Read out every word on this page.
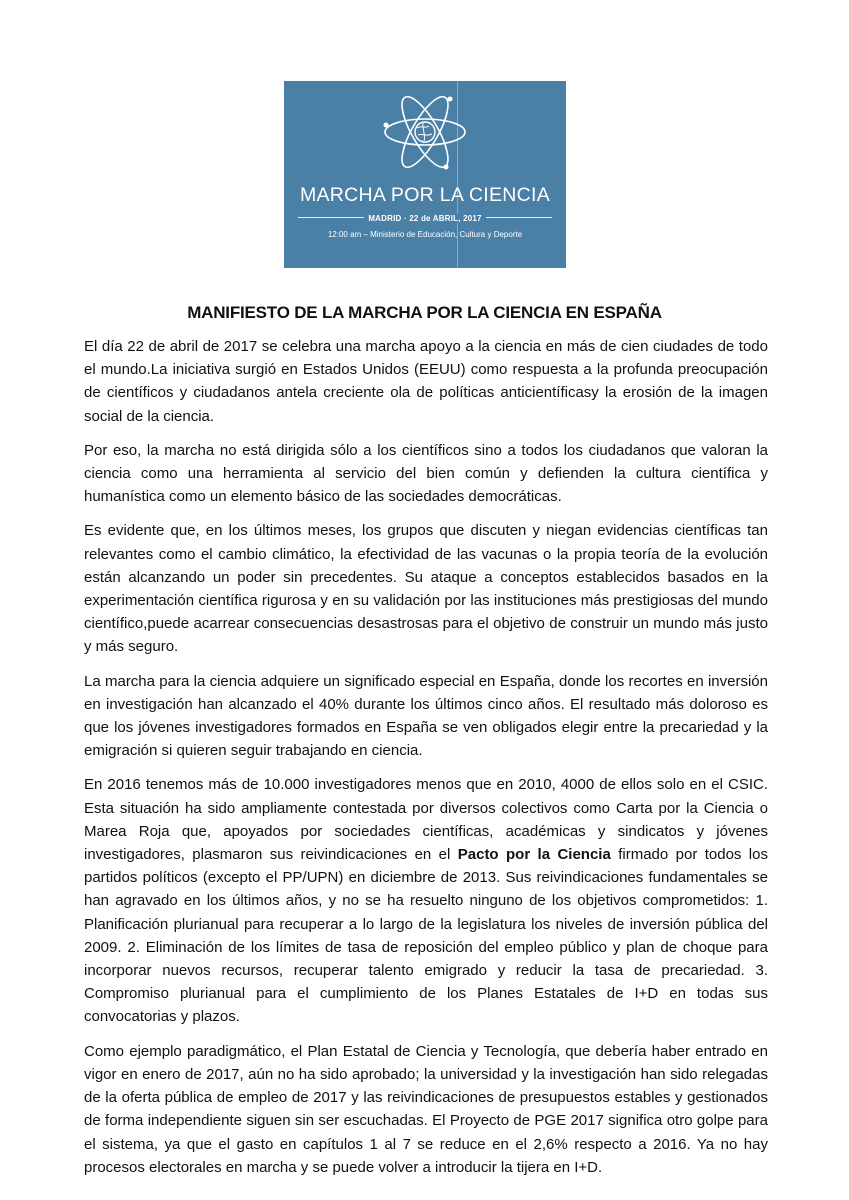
MARCHA POR LA CIENCIA
MADRID · 22 de ABRIL, 2017
12:00 am – Ministerio de Educación, Cultura y Deporte
MANIFIESTO DE LA MARCHA POR LA CIENCIA EN ESPAÑA

El día 22 de abril de 2017 se celebra una marcha apoyo a la ciencia en más de cien ciudades de todo el mundo.La iniciativa surgió en Estados Unidos (EEUU) como respuesta a la profunda preocupación de científicos y ciudadanos antela creciente ola de políticas anticientíficasy la erosión de la imagen social de la ciencia.

Por eso, la marcha no está dirigida sólo a los científicos sino a todos los ciudadanos que valoran la ciencia como una herramienta al servicio del bien común y defienden la cultura científica y humanística como un elemento básico de las sociedades democráticas.

Es evidente que, en los últimos meses, los grupos que discuten y niegan evidencias científicas tan relevantes como el cambio climático, la efectividad de las vacunas o la propia teoría de la evolución están alcanzando un poder sin precedentes. Su ataque a conceptos establecidos basados en la experimentación científica rigurosa y en su validación por las instituciones más prestigiosas del mundo científico,puede acarrear consecuencias desastrosas para el objetivo de construir un mundo más justo y más seguro.

La marcha para la ciencia adquiere un significado especial en España, donde los recortes en inversión en investigación han alcanzado el 40% durante los últimos cinco años. El resultado más doloroso es que los jóvenes investigadores formados en España se ven obligados elegir entre la precariedad y la emigración si quieren seguir trabajando en ciencia.

En 2016 tenemos más de 10.000 investigadores menos que en 2010, 4000 de ellos solo en el CSIC. Esta situación ha sido ampliamente contestada por diversos colectivos como Carta por la Ciencia o Marea Roja que, apoyados por sociedades científicas, académicas y sindicatos y jóvenes investigadores, plasmaron sus reivindicaciones en el Pacto por la Ciencia firmado por todos los partidos políticos (excepto el PP/UPN) en diciembre de 2013. Sus reivindicaciones fundamentales se han agravado en los últimos años, y no se ha resuelto ninguno de los objetivos comprometidos: 1. Planificación plurianual para recuperar a lo largo de la legislatura los niveles de inversión pública del 2009. 2. Eliminación de los límites de tasa de reposición del empleo público y plan de choque para incorporar nuevos recursos, recuperar talento emigrado y reducir la tasa de precariedad. 3. Compromiso plurianual para el cumplimiento de los Planes Estatales de I+D en todas sus convocatorias y plazos.

Como ejemplo paradigmático, el Plan Estatal de Ciencia y Tecnología, que debería haber entrado en vigor en enero de 2017, aún no ha sido aprobado; la universidad y la investigación han sido relegadas de la oferta pública de empleo de 2017 y las reivindicaciones de presupuestos estables y gestionados de forma independiente siguen sin ser escuchadas. El Proyecto de PGE 2017 significa otro golpe para el sistema, ya que el gasto en capítulos 1 al 7 se reduce en el 2,6% respecto a 2016. Ya no hay procesos electorales en marcha y se puede volver a introducir la tijera en I+D.
